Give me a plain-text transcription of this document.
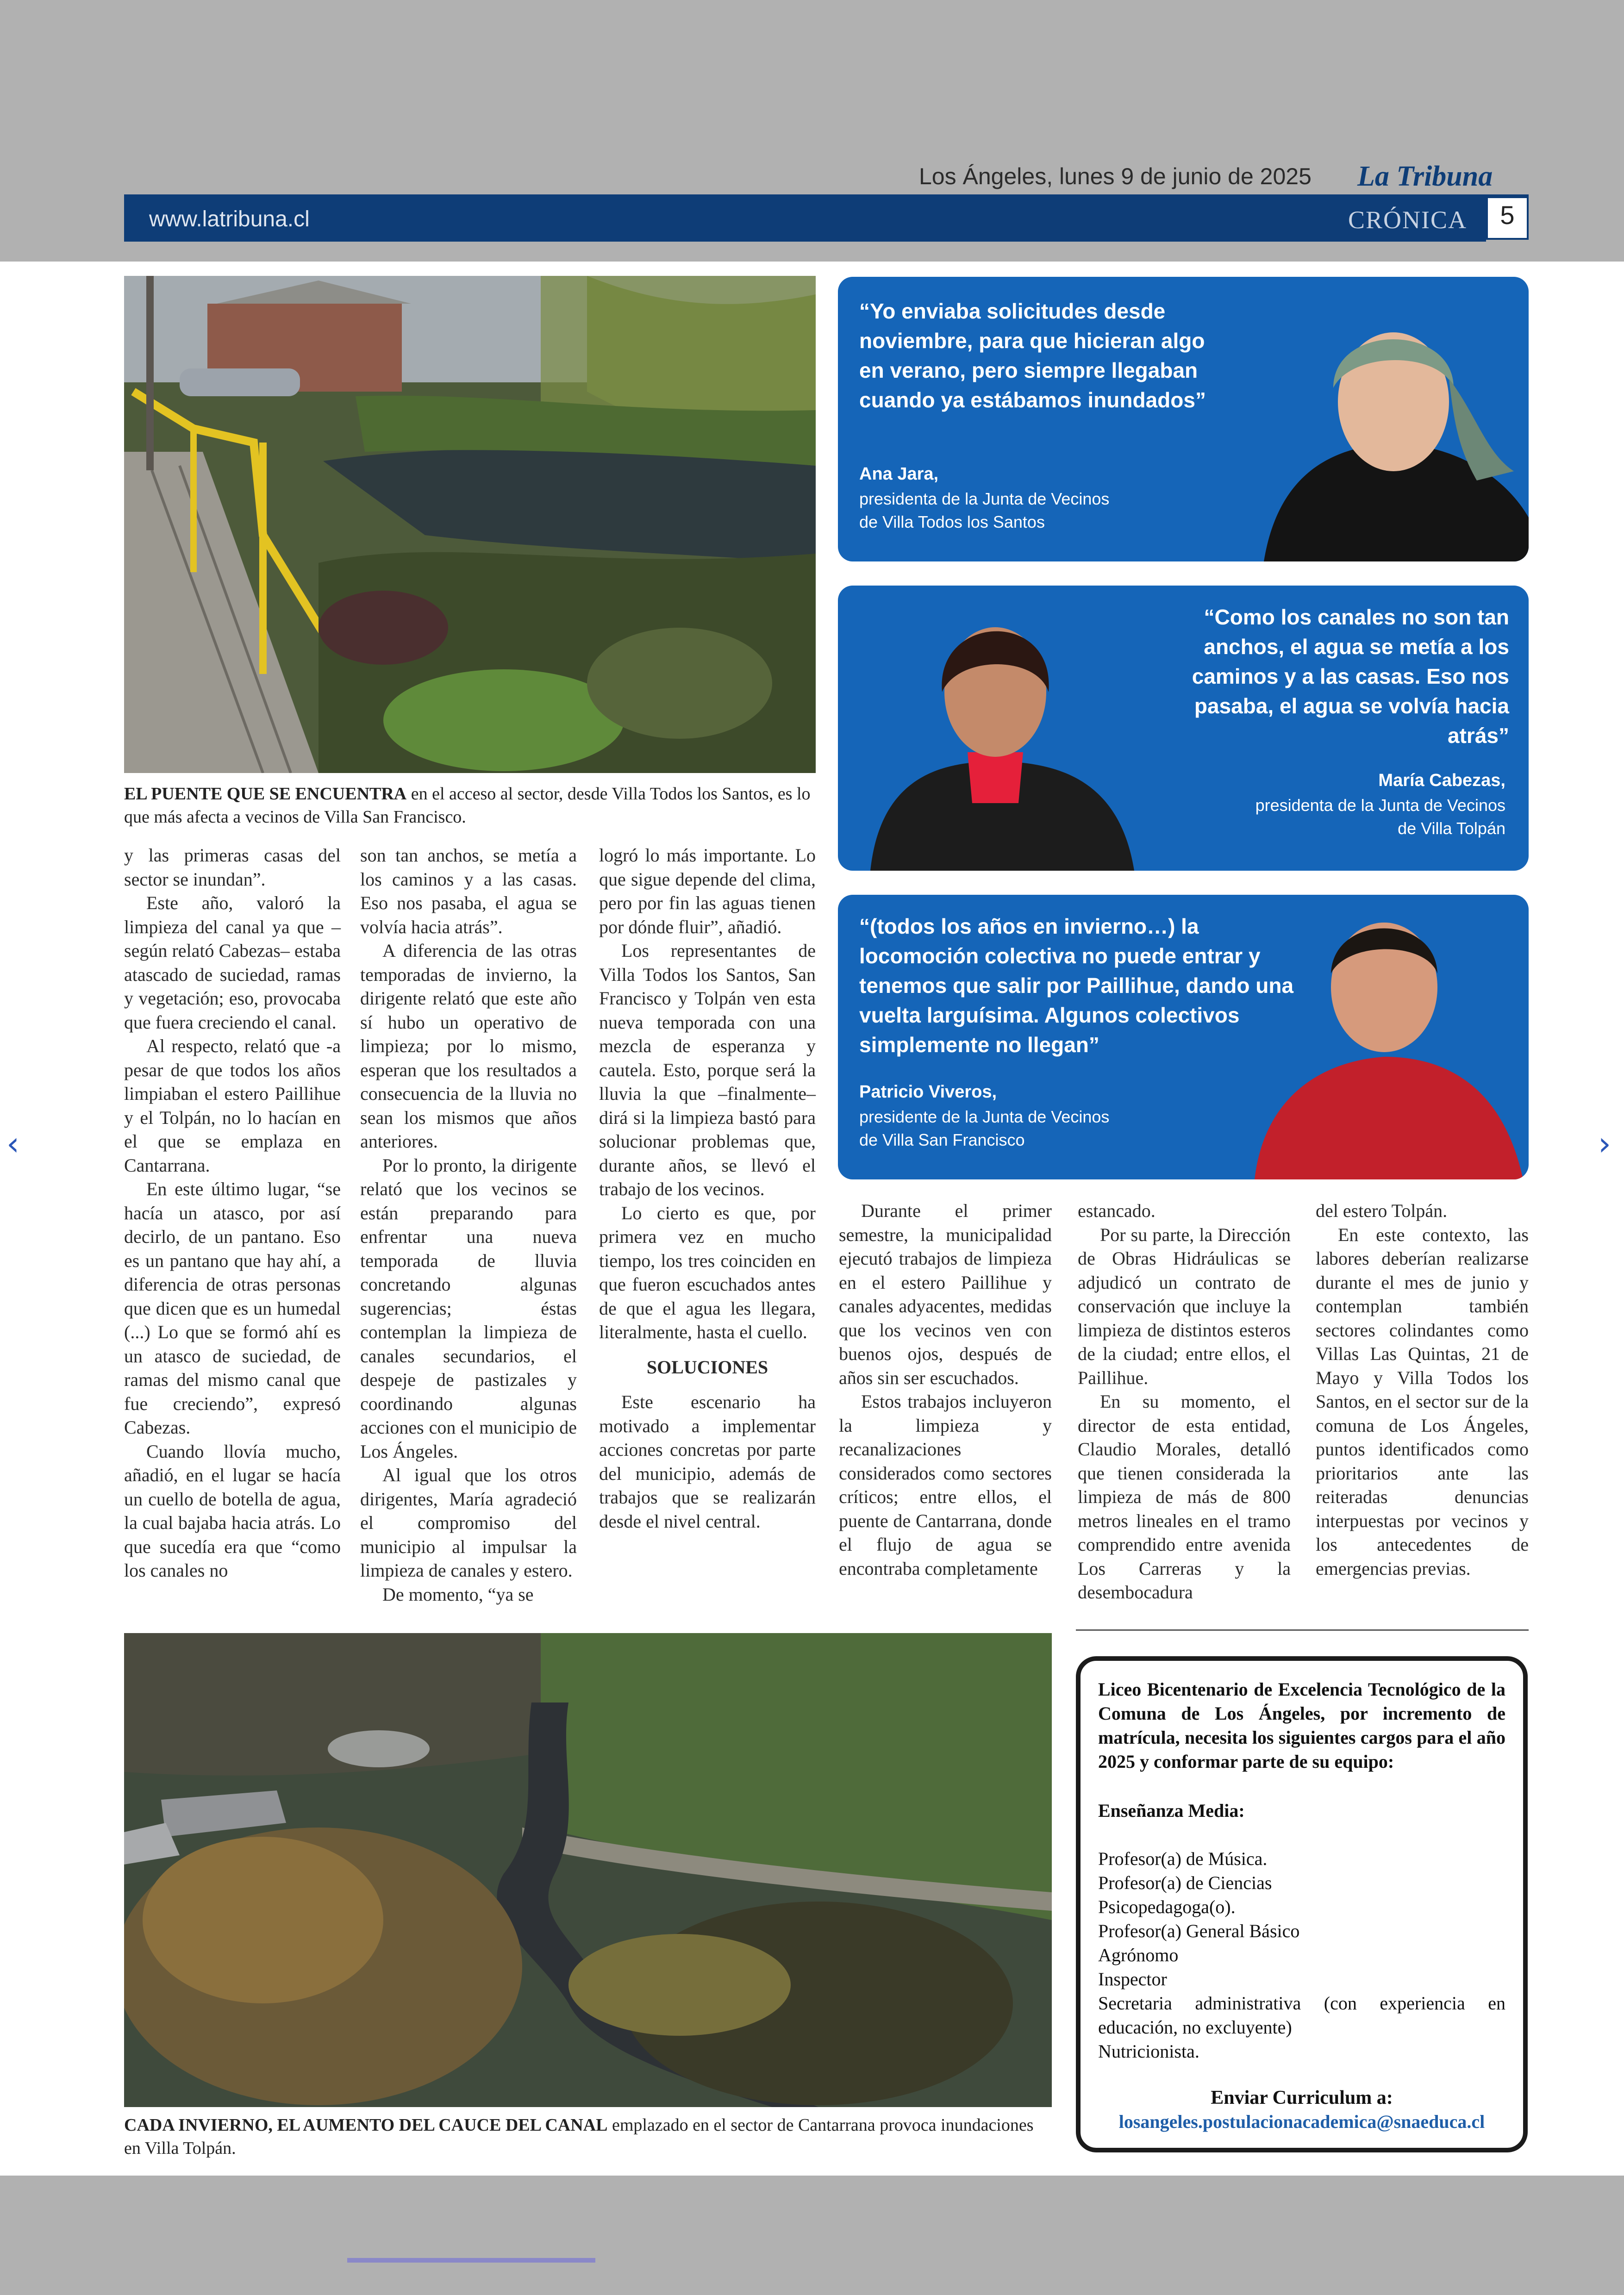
‹	›
Los Ángeles, lunes 9 de junio de 2025 La Tribuna
www.latribuna.cl	CRÓNICA	5
EL PUENTE QUE SE ENCUENTRA en el acceso al sector, desde Villa Todos los Santos, es lo que más afecta a vecinos de Villa San Francisco.
“Yo enviaba solicitudes desde noviembre, para que hicieran algo en verano, pero siempre llegaban cuando ya estábamos inundados”
Ana Jara,
presidenta de la Junta de Vecinos
de Villa Todos los Santos
“Como los canales no son tan anchos, el agua se metía a los caminos y a las casas. Eso nos pasaba, el agua se volvía hacia atrás”
María Cabezas,
presidenta de la Junta de Vecinos
de Villa Tolpán
“(todos los años en invierno…) la locomoción colectiva no puede entrar y tenemos que salir por Paillihue, dando una vuelta larguísima. Algunos colectivos simplemente no llegan”
Patricio Viveros,
presidente de la Junta de Vecinos
de Villa San Francisco

y las primeras casas del sector se inundan”.

Este año, valoró la limpieza del canal ya que –según relató Cabezas– estaba atascado de suciedad, ramas y vegetación; eso, provocaba que fuera creciendo el canal.

Al respecto, relató que -a pesar de que todos los años limpiaban el estero Paillihue y el Tolpán, no lo hacían en el que se emplaza en Cantarrana.

En este último lugar, “se hacía un atasco, por así decirlo, de un pantano. Eso es un pantano que hay ahí, a diferencia de otras personas que dicen que es un humedal (...) Lo que se formó ahí es un atasco de suciedad, de ramas del mismo canal que fue creciendo”, expresó Cabezas.

Cuando llovía mucho, añadió, en el lugar se hacía un cuello de botella de agua, la cual bajaba hacia atrás. Lo que sucedía era que “como los canales no

son tan anchos, se metía a los caminos y a las casas. Eso nos pasaba, el agua se volvía hacia atrás”.

A diferencia de las otras temporadas de invierno, la dirigente relató que este año sí hubo un operativo de limpieza; por lo mismo, esperan que los resultados a consecuencia de la lluvia no sean los mismos que años anteriores.

Por lo pronto, la dirigente relató que los vecinos se están preparando para enfrentar una nueva temporada de lluvia concretando algunas sugerencias; éstas contemplan la limpieza de canales secundarios, el despeje de pastizales y coordinando algunas acciones con el municipio de Los Ángeles.

Al igual que los otros dirigentes, María agradeció el compromiso del municipio al impulsar la limpieza de canales y estero.

De momento, “ya se

logró lo más importante. Lo que sigue depende del clima, pero por fin las aguas tienen por dónde fluir”, añadió.

Los representantes de Villa Todos los Santos, San Francisco y Tolpán ven esta nueva temporada con una mezcla de esperanza y cautela. Esto, porque será la lluvia la que –finalmente– dirá si la limpieza bastó para solucionar problemas que, durante años, se llevó el trabajo de los vecinos.

Lo cierto es que, por primera vez en mucho tiempo, los tres coinciden en que fueron escuchados antes de que el agua les llegara, literalmente, hasta el cuello.

SOLUCIONES

Este escenario ha motivado a implementar acciones concretas por parte del municipio, además de trabajos que se realizarán desde el nivel central.

Durante el primer semestre, la municipalidad ejecutó trabajos de limpieza en el estero Paillihue y canales adyacentes, medidas que los vecinos ven con buenos ojos, después de años sin ser escuchados.

Estos trabajos incluyeron la limpieza y recanalizaciones considerados como sectores críticos; entre ellos, el puente de Cantarrana, donde el flujo de agua se encontraba completamente

estancado.

Por su parte, la Dirección de Obras Hidráulicas se adjudicó un contrato de conservación que incluye la limpieza de distintos esteros de la ciudad; entre ellos, el Paillihue.

En su momento, el director de esta entidad, Claudio Morales, detalló que tienen considerada la limpieza de más de 800 metros lineales en el tramo comprendido entre avenida Los Carreras y la desembocadura

del estero Tolpán.

En este contexto, las labores deberían realizarse durante el mes de junio y contemplan también sectores colindantes como Villas Las Quintas, 21 de Mayo y Villa Todos los Santos, en el sector sur de la comuna de Los Ángeles, puntos identificados como prioritarios ante las reiteradas denuncias interpuestas por vecinos y los antecedentes de emergencias previas.

CADA INVIERNO, EL AUMENTO DEL CAUCE DEL CANAL emplazado en el sector de Cantarrana provoca inundaciones en Villa Tolpán.
Liceo Bicentenario de Excelencia Tecnológico de la Comuna de Los Ángeles, por incremento de matrícula, necesita los siguientes cargos para el año 2025 y conformar parte de su equipo:
Enseñanza Media:
Profesor(a) de Música.
Profesor(a) de Ciencias
Psicopedagoga(o).
Profesor(a) General Básico
Agrónomo
Inspector
Secretaria administrativa (con experiencia en educación, no excluyente)
Nutricionista.
Enviar Curriculum a:
losangeles.postulacionacademica@snaeduca.cl
